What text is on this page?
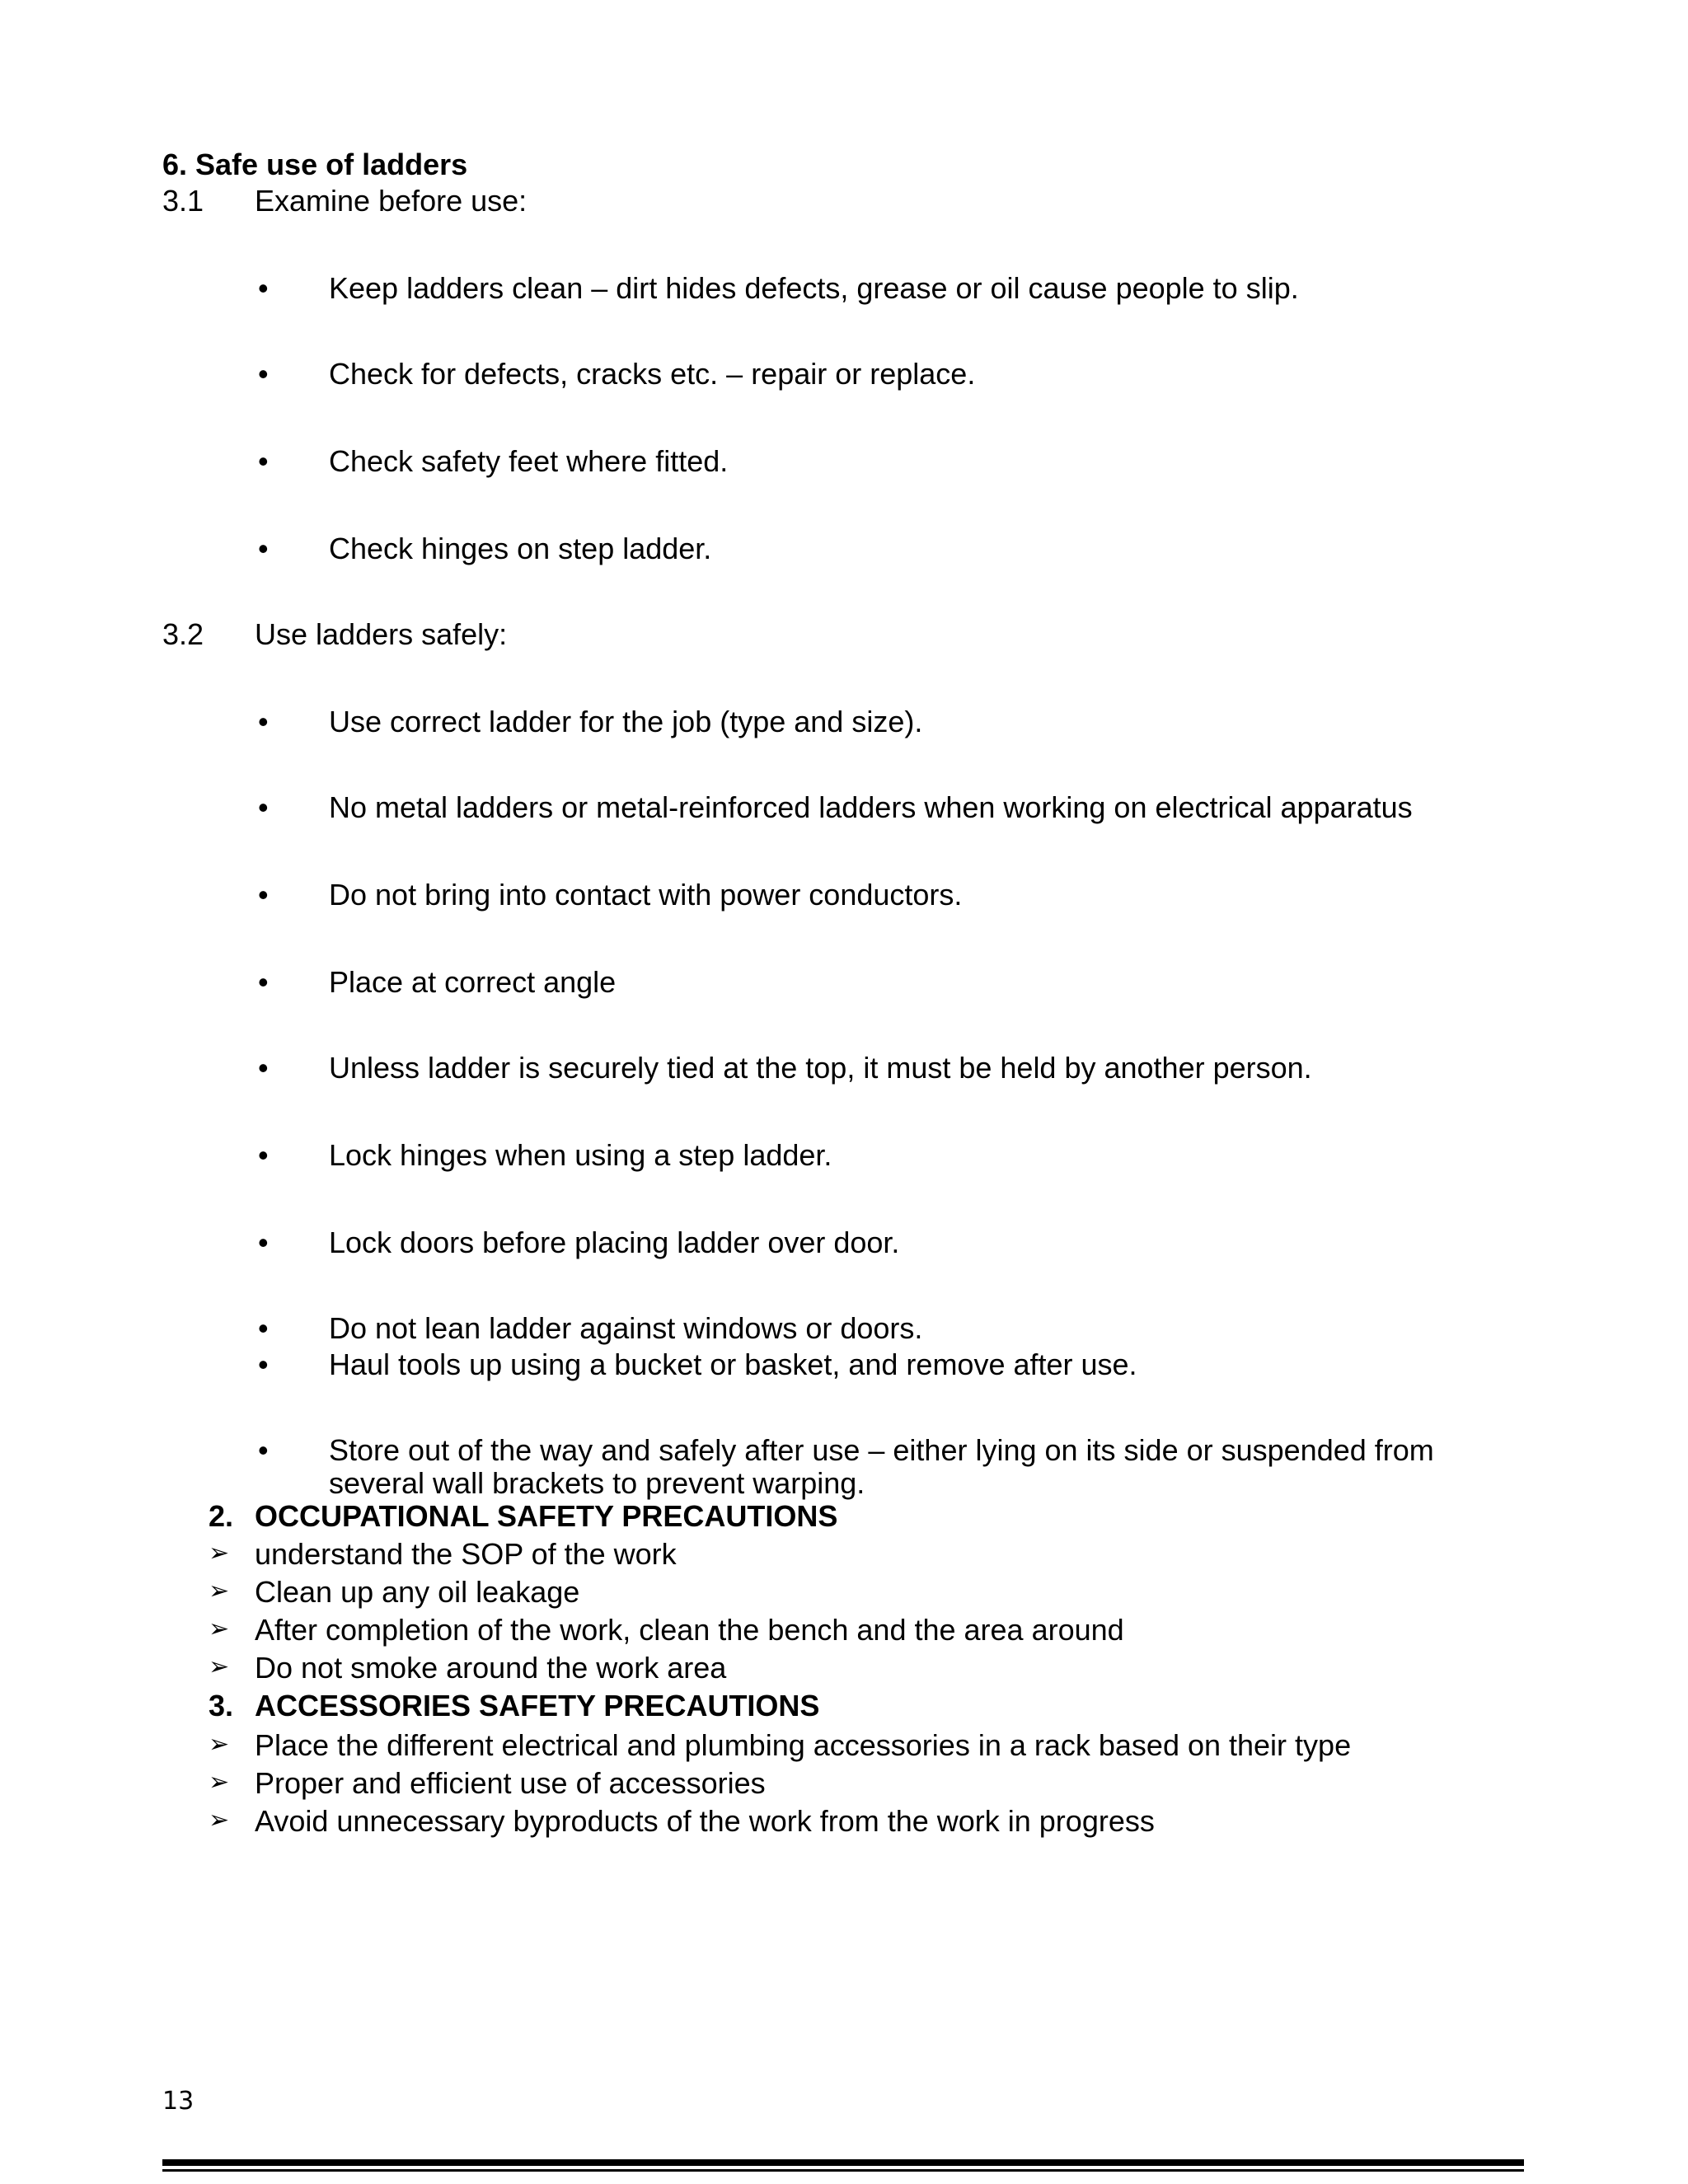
6. Safe use of ladders
3.1 Examine before use:
• Keep ladders clean – dirt hides defects, grease or oil cause people to slip.
• Check for defects, cracks etc. – repair or replace.
• Check safety feet where fitted.
• Check hinges on step ladder.
3.2 Use ladders safely:
• Use correct ladder for the job (type and size).
• No metal ladders or metal-reinforced ladders when working on electrical apparatus
• Do not bring into contact with power conductors.
• Place at correct angle
• Unless ladder is securely tied at the top, it must be held by another person.
• Lock hinges when using a step ladder.
• Lock doors before placing ladder over door.
• Do not lean ladder against windows or doors.
• Haul tools up using a bucket or basket, and remove after use.
• Store out of the way and safely after use – either lying on its side or suspended from
several wall brackets to prevent warping.
2. OCCUPATIONAL SAFETY PRECAUTIONS
➢ understand the SOP of the work
➢ Clean up any oil leakage
➢ After completion of the work, clean the bench and the area around
➢ Do not smoke around the work area
3. ACCESSORIES SAFETY PRECAUTIONS
➢ Place the different electrical and plumbing accessories in a rack based on their type
➢ Proper and efficient use of accessories
➢ Avoid unnecessary byproducts of the work from the work in progress
13
